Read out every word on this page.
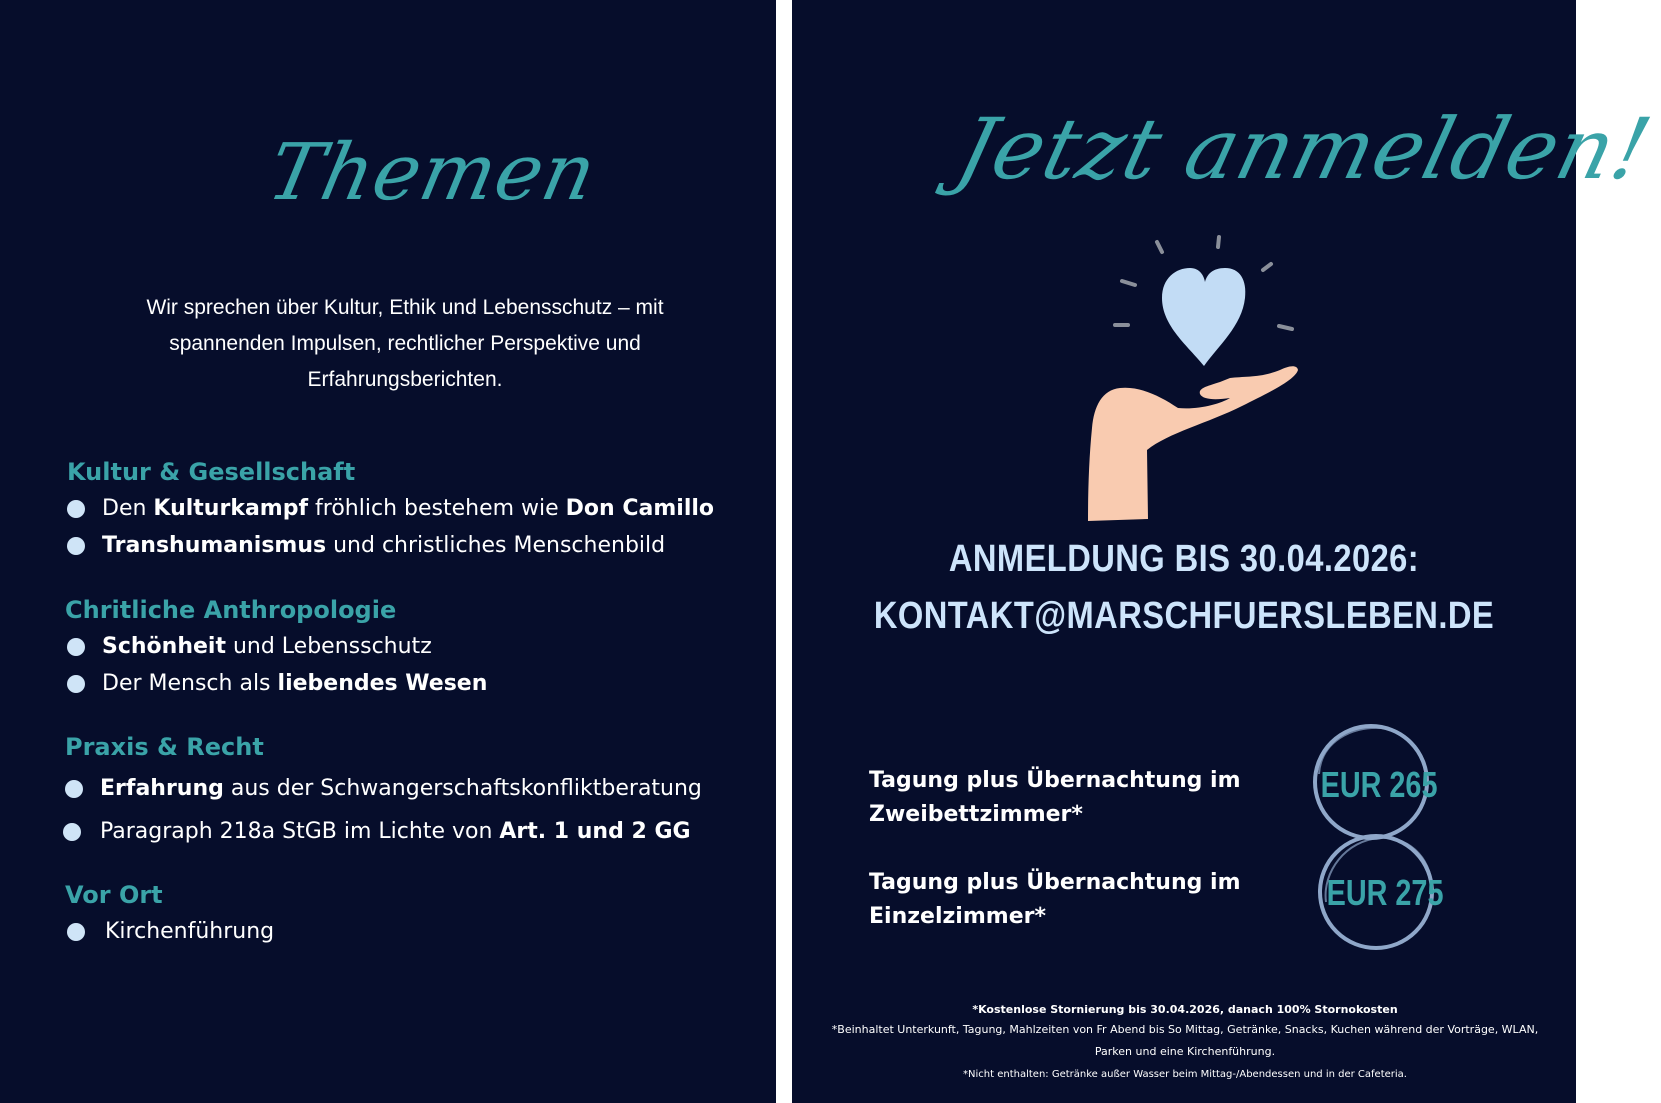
Themen
Wir sprechen über Kultur, Ethik und Lebensschutz – mit spannenden Impulsen, rechtlicher Perspektive und Erfahrungsberichten.
Kultur & Gesellschaft
Den Kulturkampf fröhlich bestehem wie Don Camillo
Transhumanismus und christliches Menschenbild
Chritliche Anthropologie
Schönheit und Lebensschutz
Der Mensch als liebendes Wesen
Praxis & Recht
Erfahrung aus der Schwangerschaftskonfliktberatung
Paragraph 218a StGB im Lichte von Art. 1 und 2 GG
Vor Ort
Kirchenführung
Jetzt anmelden!
ANMELDUNG BIS 30.04.2026:
KONTAKT@MARSCHFUERSLEBEN.DE
Tagung plus Übernachtung im Zweibettzimmer*
Tagung plus Übernachtung im Einzelzimmer*
EUR 265
EUR 275
*Kostenlose Stornierung bis 30.04.2026, danach 100% Stornokosten
*Beinhaltet Unterkunft, Tagung, Mahlzeiten von Fr Abend bis So Mittag, Getränke, Snacks, Kuchen während der Vorträge, WLAN, Parken und eine Kirchenführung.
*Nicht enthalten: Getränke außer Wasser beim Mittag-/Abendessen und in der Cafeteria.
